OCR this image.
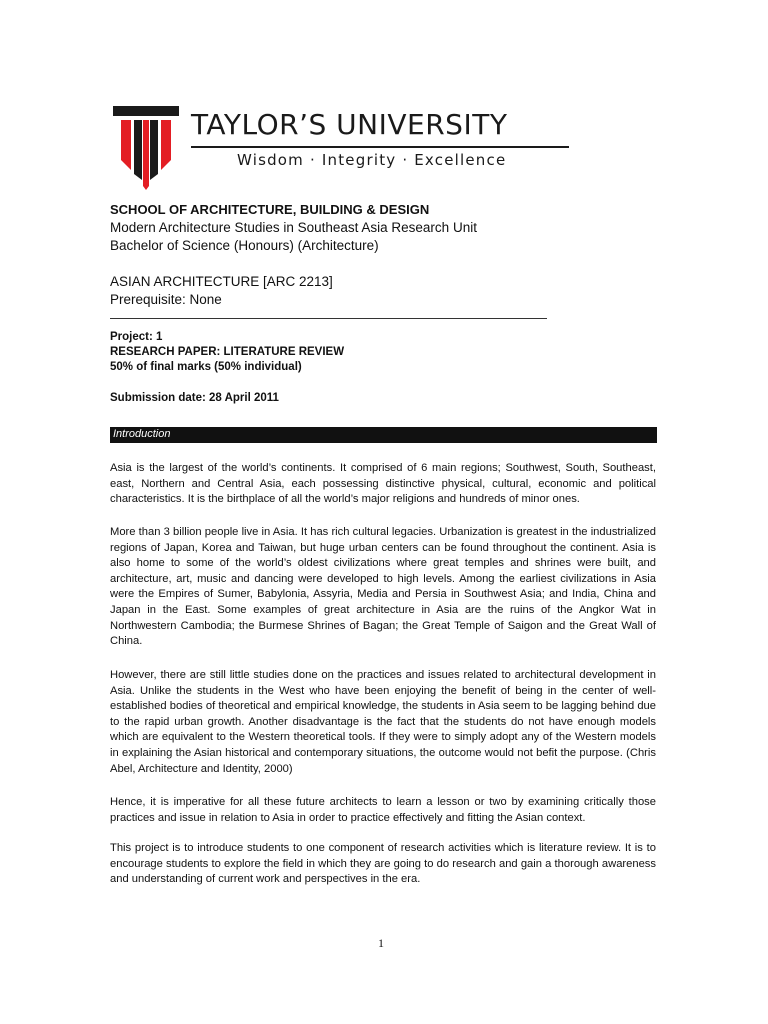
TAYLOR’S UNIVERSITY
Wisdom · Integrity · Excellence
SCHOOL OF ARCHITECTURE, BUILDING & DESIGN
Modern Architecture Studies in Southeast Asia Research Unit
Bachelor of Science (Honours) (Architecture)
ASIAN ARCHITECTURE [ARC 2213]
Prerequisite: None
Project: 1
RESEARCH PAPER: LITERATURE REVIEW
50% of final marks (50% individual)
Submission date: 28 April 2011
Introduction
Asia is the largest of the world’s continents. It comprised of 6 main regions; Southwest, South, Southeast, east, Northern and Central Asia, each possessing distinctive physical, cultural, economic and political characteristics. It is the birthplace of all the world’s major religions and hundreds of minor ones.
More than 3 billion people live in Asia. It has rich cultural legacies. Urbanization is greatest in the industrialized regions of Japan, Korea and Taiwan, but huge urban centers can be found throughout the continent. Asia is also home to some of the world’s oldest civilizations where great temples and shrines were built, and architecture, art, music and dancing were developed to high levels. Among the earliest civilizations in Asia were the Empires of Sumer, Babylonia, Assyria, Media and Persia in Southwest Asia; and India, China and Japan in the East. Some examples of great architecture in Asia are the ruins of the Angkor Wat in Northwestern Cambodia; the Burmese Shrines of Bagan; the Great Temple of Saigon and the Great Wall of China.
However, there are still little studies done on the practices and issues related to architectural development in Asia. Unlike the students in the West who have been enjoying the benefit of being in the center of well-established bodies of theoretical and empirical knowledge, the students in Asia seem to be lagging behind due to the rapid urban growth. Another disadvantage is the fact that the students do not have enough models which are equivalent to the Western theoretical tools. If they were to simply adopt any of the Western models in explaining the Asian historical and contemporary situations, the outcome would not befit the purpose. (Chris Abel, Architecture and Identity, 2000)
Hence, it is imperative for all these future architects to learn a lesson or two by examining critically those practices and issue in relation to Asia in order to practice effectively and fitting the Asian context.
This project is to introduce students to one component of research activities which is literature review. It is to encourage students to explore the field in which they are going to do research and gain a thorough awareness and understanding of current work and perspectives in the era.
1
